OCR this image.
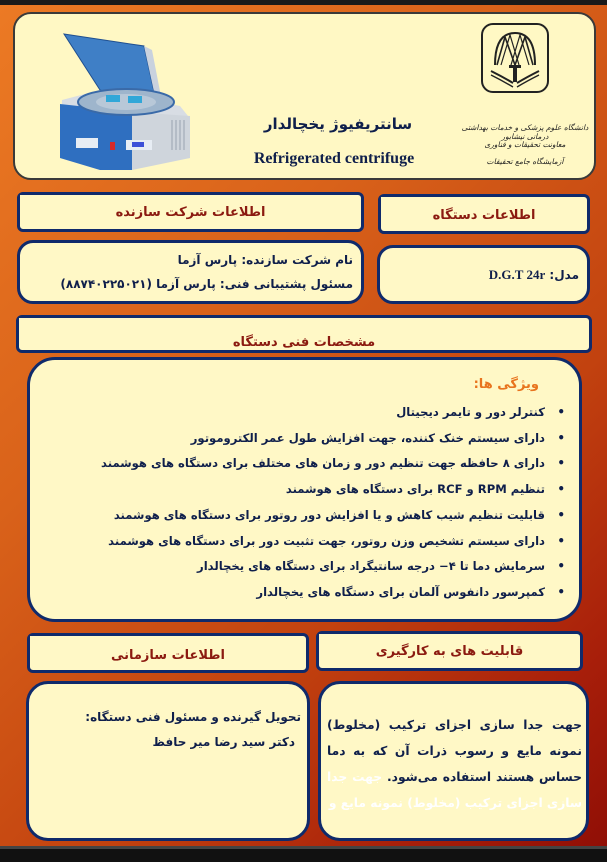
سانتریفیوژ یخچالدار
Refrigerated centrifuge
دانشگاه علوم پزشکی و خدمات بهداشتی درمانی نیشابور
معاونت تحقیقات و فناوری
آزمایشگاه جامع تحقیقات
اطلاعات شرکت سازنده	اطلاعات دستگاه
نام شرکت سازنده: پارس آزما
مسئول پشتیبانی فنی: پارس آزما (۸۸۷۴۰۲۲۵۰۲۱)
مدل: D.G.T 24r
مشخصات فنی دستگاه
ویژگی ها:
• کنترلر دور و تایمر دیجیتال
• دارای سیستم خنک کننده، جهت افزایش طول عمر الکتروموتور
• دارای ۸ حافظه جهت تنظیم دور و زمان های مختلف برای دستگاه های هوشمند
• تنظیم RPM و RCF برای دستگاه های هوشمند
• قابلیت تنظیم شیب کاهش و یا افزایش دور روتور برای دستگاه های هوشمند
• دارای سیستم تشخیص وزن روتور، جهت تثبیت دور برای دستگاه های هوشمند
• سرمایش دما تا ۴− درجه سانتیگراد برای دستگاه های یخچالدار
• کمپرسور دانفوس آلمان برای دستگاه های یخچالدار
اطلاعات سازمانی	قابلیت های به کارگیری
تحویل گیرنده و مسئول فنی دستگاه:
دکتر سید رضا میر حافظ
جهت جدا سازی اجزای ترکیب (مخلوط) نمونه مایع و رسوب ذرات آن که به دما حساس هستند استفاده می‌شود. جهت جدا سازی اجزای ترکیب (مخلوط) نمونه مایع و
